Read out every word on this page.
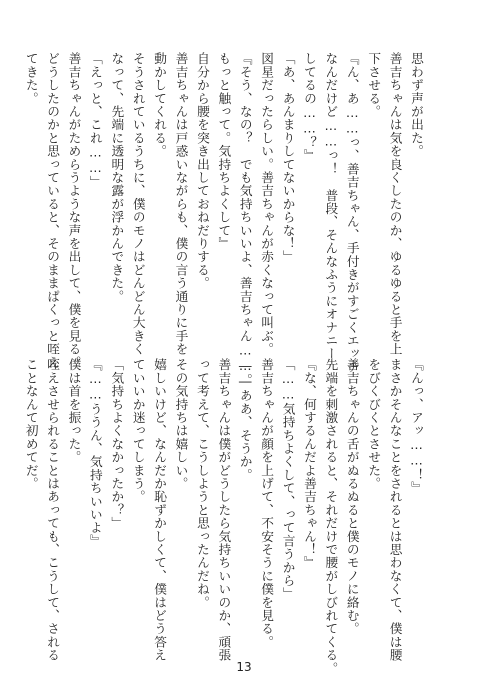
思わず声が出た。
善吉ちゃんは気を良くしたのか、ゆるゆると手を上
下させる。
『ん、あ……っ、善吉ちゃん、手付きがすごくエッチ
なんだけど……っ！　普段、そんなふうにオナニー
してるの……？』
「あ、あんまりしてないからな！」
図星だったらしい。善吉ちゃんが赤くなって叫ぶ。
『そう、なの？　でも気持ちいいよ、善吉ちゃん……。
もっと触って。気持ちよくして』
自分から腰を突き出しておねだりする。
善吉ちゃんは戸惑いながらも、僕の言う通りに手を
動かしてくれる。
そうされているうちに、僕のモノはどんどん大きく
なって、先端に透明な露が浮かんできた。
「えっと、これ……」
善吉ちゃんがためらうような声を出して、僕を見る。
どうしたのかと思っていると、そのままぱくっと咥え
てきた。
『んっ、アッ……！』
まさかそんなことをされるとは思わなくて、僕は腰
をびくびくとさせた。
善吉ちゃんの舌がぬるぬると僕のモノに絡む。
先端を刺激されると、それだけで腰がしびれてくる。
『な、何するんだよ善吉ちゃん！』
「……気持ちよくして、って言うから」
善吉ちゃんが顔を上げて、不安そうに僕を見る。
――ああ、そうか。
善吉ちゃんは僕がどうしたら気持ちいいのか、頑張
って考えて、こうしようと思ったんだね。
その気持ちは嬉しい。
嬉しいけど、なんだか恥ずかしくて、僕はどう答え
ていいか迷ってしまう。
「気持ちよくなかったか？」
『……ううん、気持ちいいよ』
僕は首を振った。
咥えさせられることはあっても、こうして、される
ことなんて初めてだ。
13
